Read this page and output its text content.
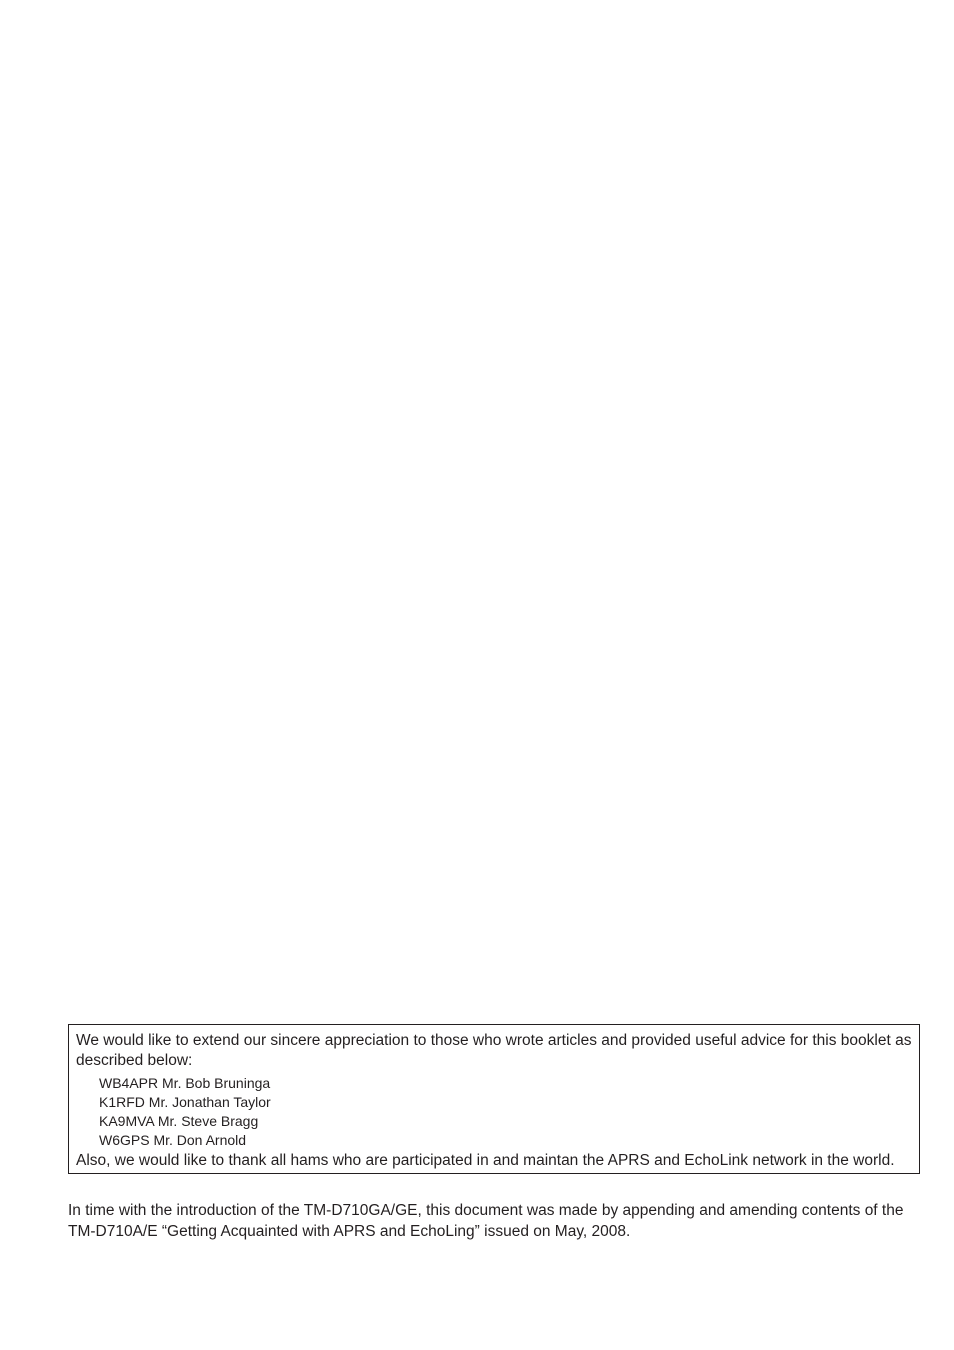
We would like to extend our sincere appreciation to those who wrote articles and provided useful advice for this booklet as described below:

WB4APR Mr. Bob Bruninga
K1RFD Mr. Jonathan Taylor
KA9MVA Mr. Steve Bragg
W6GPS Mr. Don Arnold

Also, we would like to thank all hams who are participated in and maintan the APRS and EchoLink network in the world.

In time with the introduction of the TM-D710GA/GE, this document was made by appending and amending contents of the TM-D710A/E “Getting Acquainted with APRS and EchoLing” issued on May, 2008.
